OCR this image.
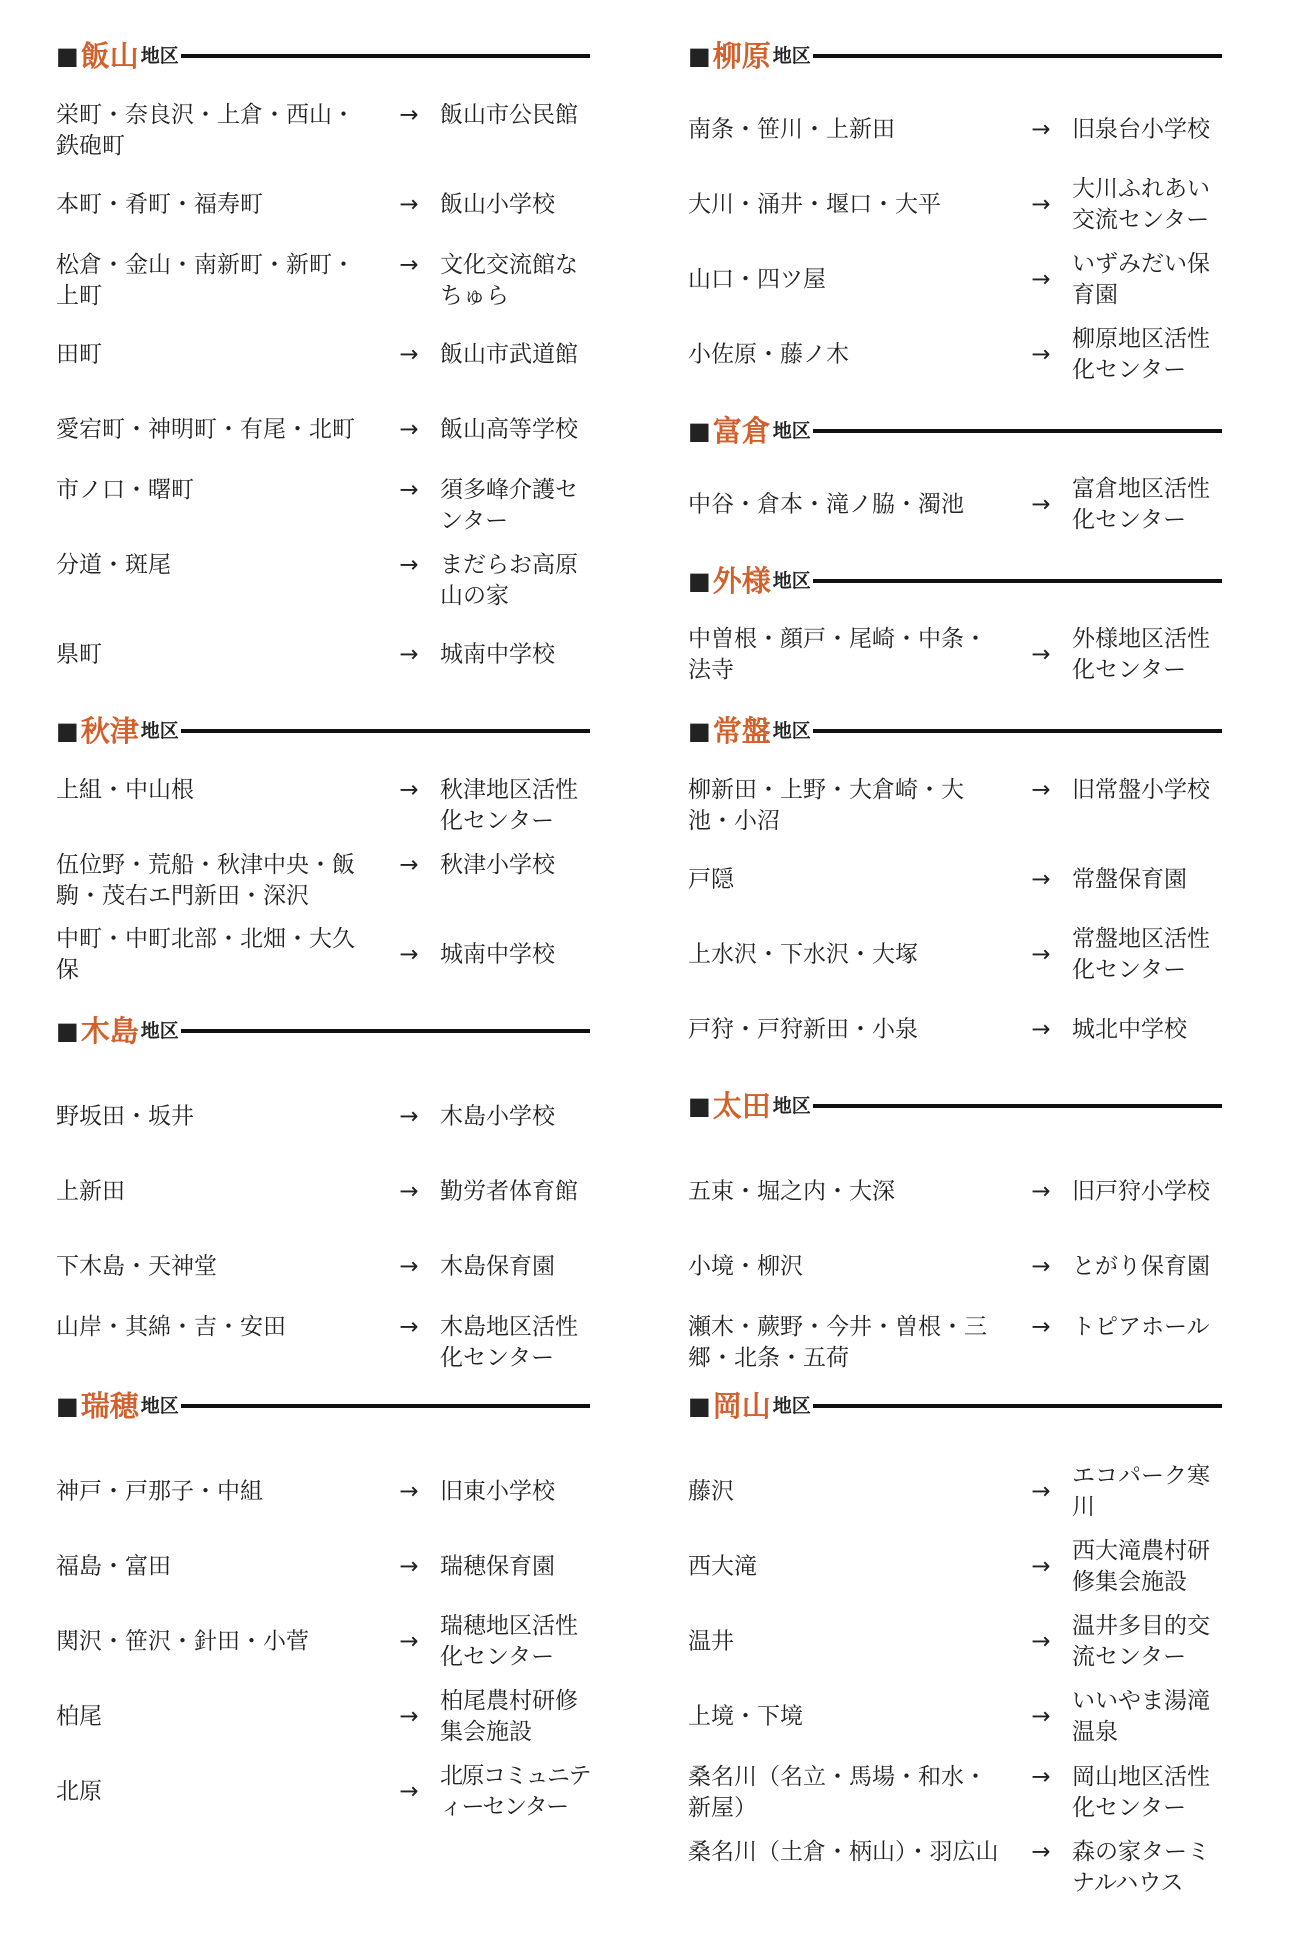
■ 飯山 地区
栄町・奈良沢・上倉・西山・鉄砲町
→ 飯山市公民館
本町・肴町・福寿町	→ 飯山小学校
松倉・金山・南新町・新町・上町
→ 文化交流館なちゅら
田町	→ 飯山市武道館
愛宕町・神明町・有尾・北町	→ 飯山高等学校
市ノ口・曙町	→ 須多峰介護センター
分道・斑尾	→ まだらお高原山の家
県町	→ 城南中学校
■ 秋津 地区
上組・中山根	→ 秋津地区活性化センター
伍位野・荒船・秋津中央・飯駒・茂右エ門新田・深沢
→ 秋津小学校
中町・中町北部・北畑・大久保
→ 城南中学校
■ 木島 地区
野坂田・坂井	→ 木島小学校
上新田	→ 勤労者体育館
下木島・天神堂	→ 木島保育園
山岸・其綿・吉・安田	→ 木島地区活性化センター
■ 瑞穂 地区
神戸・戸那子・中組	→ 旧東小学校
福島・富田	→ 瑞穂保育園
関沢・笹沢・針田・小菅	→
瑞穂地区活性化センター
柏尾	→
柏尾農村研修集会施設
北原	→
北原コミュニティーセンター
■ 柳原 地区
南条・笹川・上新田	→ 旧泉台小学校
大川・涌井・堰口・大平	→
大川ふれあい交流センター
山口・四ツ屋	→
いずみだい保育園
小佐原・藤ノ木	→
柳原地区活性化センター
■ 富倉 地区
中谷・倉本・滝ノ脇・濁池	→
富倉地区活性化センター
■ 外様 地区
中曽根・顔戸・尾崎・中条・法寺
→
外様地区活性化センター
■ 常盤 地区
柳新田・上野・大倉崎・大池・小沼
→ 旧常盤小学校
戸隠	→ 常盤保育園
上水沢・下水沢・大塚	→
常盤地区活性化センター
戸狩・戸狩新田・小泉	→ 城北中学校
■ 太田 地区
五束・堀之内・大深	→ 旧戸狩小学校
小境・柳沢	→ とがり保育園
瀬木・蕨野・今井・曽根・三郷・北条・五荷
→ トピアホール
■ 岡山 地区
藤沢	→
エコパーク寒川
西大滝	→
西大滝農村研修集会施設
温井	→
温井多目的交流センター
上境・下境	→
いいやま湯滝温泉
桑名川（名立・馬場・和水・新屋）
→ 岡山地区活性化センター
桑名川（土倉・柄山）・羽広山	→ 森の家ターミナルハウス
